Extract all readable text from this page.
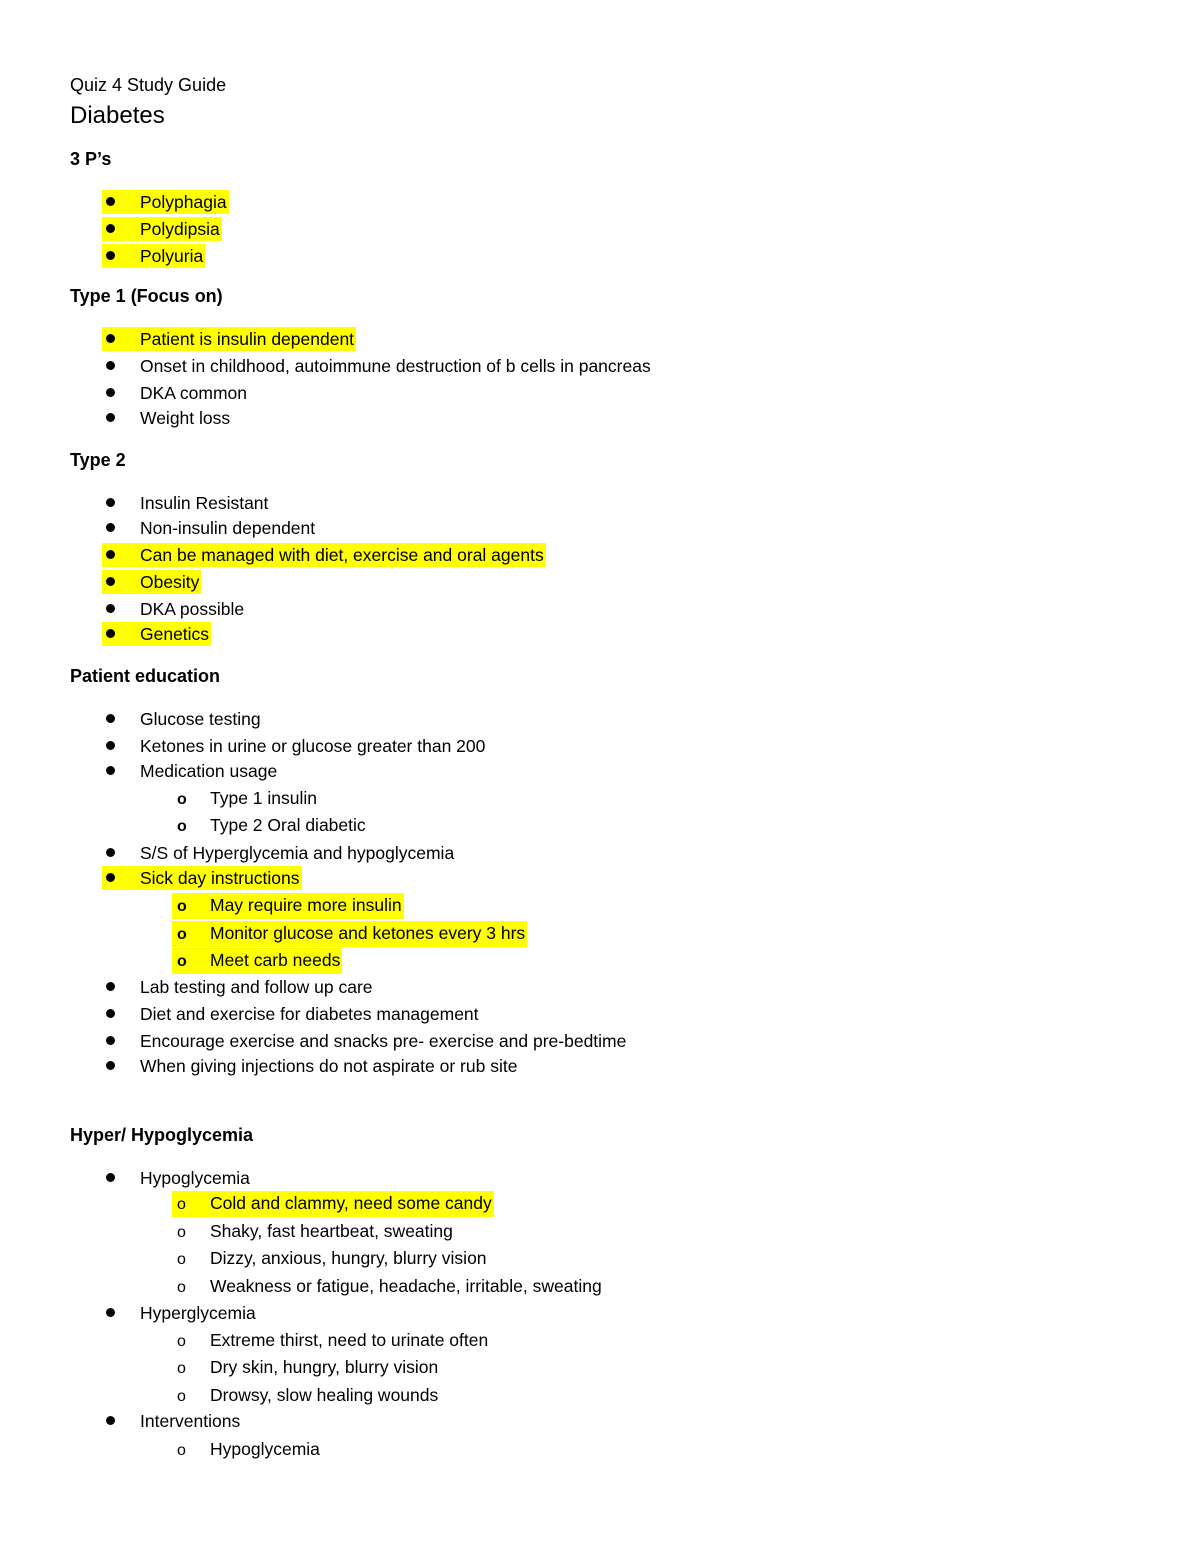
Quiz 4 Study Guide
Diabetes
3 P’s
Polyphagia
Polydipsia
Polyuria
Type 1 (Focus on)
Patient is insulin dependent
Onset in childhood, autoimmune destruction of b cells in pancreas
DKA common
Weight loss
Type 2
Insulin Resistant
Non-insulin dependent
Can be managed with diet, exercise and oral agents
Obesity
DKA possible
Genetics
Patient education
Glucose testing
Ketones in urine or glucose greater than 200
Medication usage
o Type 1 insulin
o Type 2 Oral diabetic
S/S of Hyperglycemia and hypoglycemia
Sick day instructions
o May require more insulin
o Monitor glucose and ketones every 3 hrs
o Meet carb needs
Lab testing and follow up care
Diet and exercise for diabetes management
Encourage exercise and snacks pre- exercise and pre-bedtime
When giving injections do not aspirate or rub site
Hyper/ Hypoglycemia
Hypoglycemia
o Cold and clammy, need some candy
o Shaky, fast heartbeat, sweating
o Dizzy, anxious, hungry, blurry vision
o Weakness or fatigue, headache, irritable, sweating
Hyperglycemia
o Extreme thirst, need to urinate often
o Dry skin, hungry, blurry vision
o Drowsy, slow healing wounds
Interventions
o Hypoglycemia
